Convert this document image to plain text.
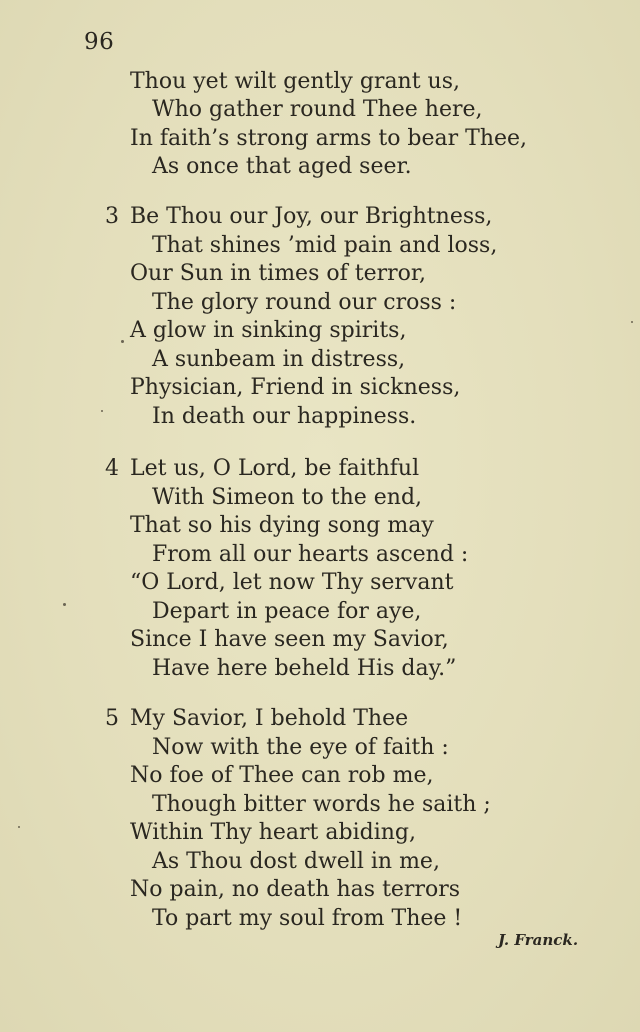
96
Thou yet wilt gently grant us,
Who gather round Thee here,
In faith’s strong arms to bear Thee,
As once that aged seer.
3 Be Thou our Joy, our Brightness,
That shines ’mid pain and loss,
Our Sun in times of terror,
The glory round our cross :
A glow in sinking spirits,
A sunbeam in distress,
Physician, Friend in sickness,
In death our happiness.
4 Let us, O Lord, be faithful
With Simeon to the end,
That so his dying song may
From all our hearts ascend :
“O Lord, let now Thy servant
Depart in peace for aye,
Since I have seen my Savior,
Have here beheld His day.”
5 My Savior, I behold Thee
Now with the eye of faith :
No foe of Thee can rob me,
Though bitter words he saith ;
Within Thy heart abiding,
As Thou dost dwell in me,
No pain, no death has terrors
To part my soul from Thee !
J. Franck.
